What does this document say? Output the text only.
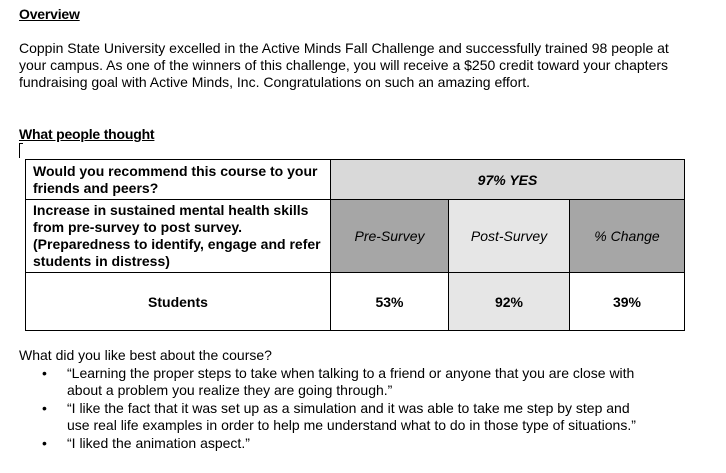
Overview
Coppin State University excelled in the Active Minds Fall Challenge and successfully trained 98 people at your campus. As one of the winners of this challenge, you will receive a $250 credit toward your chapters fundraising goal with Active Minds, Inc. Congratulations on such an amazing effort.
What people thought
Would you recommend this course to your friends and peers?	97% YES		
Increase in sustained mental health skills from pre-survey to post survey. (Preparedness to identify, engage and refer students in distress)	Pre-Survey	Post-Survey	% Change
Students	53%	92%	39%
What did you like best about the course?
• “Learning the proper steps to take when talking to a friend or anyone that you are close with about a problem you realize they are going through.”
• “I like the fact that it was set up as a simulation and it was able to take me step by step and use real life examples in order to help me understand what to do in those type of situations.”
• “I liked the animation aspect.”
